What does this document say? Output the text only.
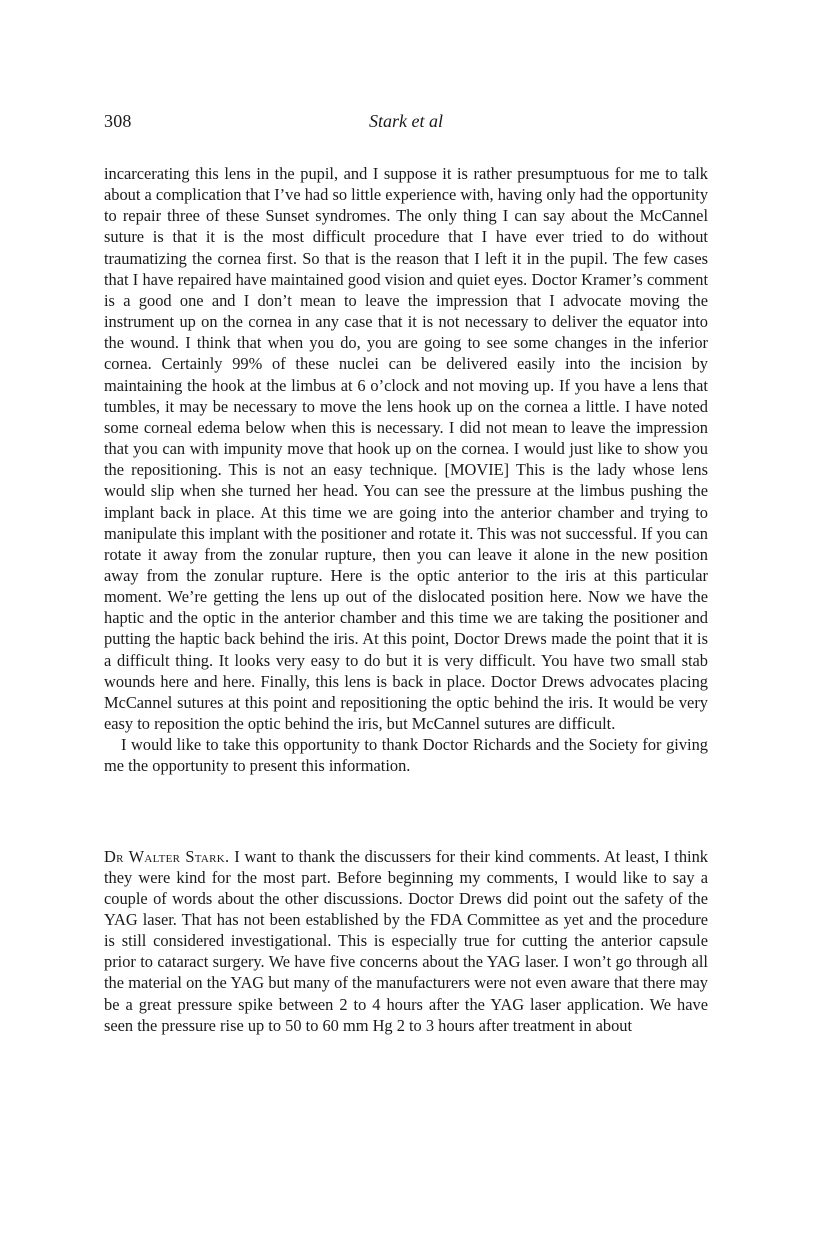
308	Stark et al

incarcerating this lens in the pupil, and I suppose it is rather presumptuous for me to talk about a complication that I’ve had so little experience with, having only had the opportunity to repair three of these Sunset syndromes. The only thing I can say about the McCannel suture is that it is the most difficult procedure that I have ever tried to do without traumatizing the cornea first. So that is the reason that I left it in the pupil. The few cases that I have repaired have maintained good vision and quiet eyes. Doctor Kramer’s comment is a good one and I don’t mean to leave the impression that I advocate moving the instrument up on the cornea in any case that it is not necessary to deliver the equator into the wound. I think that when you do, you are going to see some changes in the inferior cornea. Certainly 99% of these nuclei can be delivered easily into the incision by maintaining the hook at the limbus at 6 o’clock and not moving up. If you have a lens that tumbles, it may be necessary to move the lens hook up on the cornea a little. I have noted some corneal edema below when this is necessary. I did not mean to leave the impression that you can with impunity move that hook up on the cornea. I would just like to show you the repositioning. This is not an easy technique. [MOVIE] This is the lady whose lens would slip when she turned her head. You can see the pressure at the limbus pushing the implant back in place. At this time we are going into the anterior chamber and trying to manipulate this implant with the positioner and rotate it. This was not successful. If you can rotate it away from the zonular rupture, then you can leave it alone in the new position away from the zonular rupture. Here is the optic anterior to the iris at this particular moment. We’re getting the lens up out of the dislocated position here. Now we have the haptic and the optic in the anterior chamber and this time we are taking the positioner and putting the haptic back behind the iris. At this point, Doctor Drews made the point that it is a difficult thing. It looks very easy to do but it is very difficult. You have two small stab wounds here and here. Finally, this lens is back in place. Doctor Drews advocates placing McCannel sutures at this point and repositioning the optic behind the iris. It would be very easy to reposition the optic behind the iris, but McCannel sutures are difficult.

I would like to take this opportunity to thank Doctor Richards and the Society for giving me the opportunity to present this information.

Dr Walter Stark. I want to thank the discussers for their kind comments. At least, I think they were kind for the most part. Before beginning my comments, I would like to say a couple of words about the other discussions. Doctor Drews did point out the safety of the YAG laser. That has not been established by the FDA Committee as yet and the procedure is still considered investigational. This is especially true for cutting the anterior capsule prior to cataract surgery. We have five concerns about the YAG laser. I won’t go through all the material on the YAG but many of the manufacturers were not even aware that there may be a great pressure spike between 2 to 4 hours after the YAG laser application. We have seen the pressure rise up to 50 to 60 mm Hg 2 to 3 hours after treatment in about
